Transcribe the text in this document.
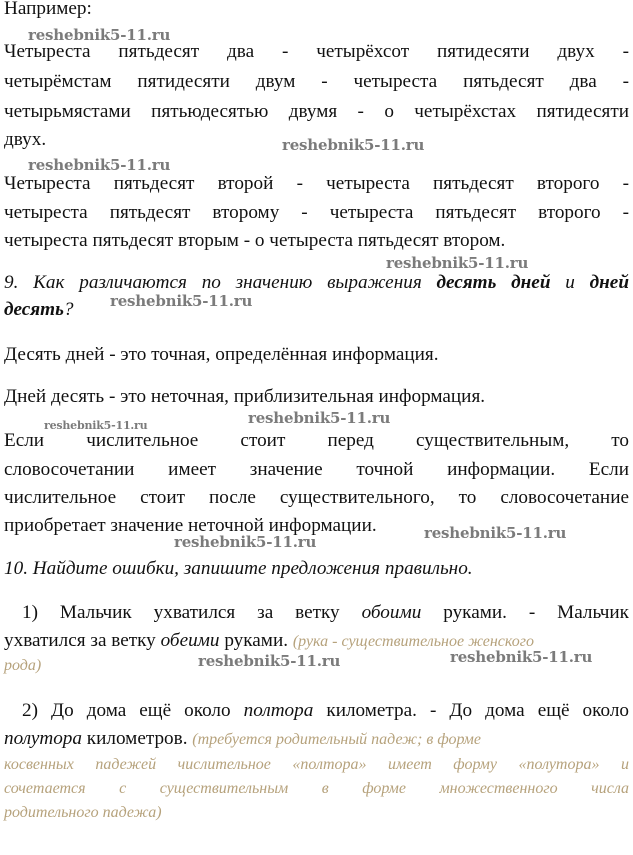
Например:
Четыреста пятьдесят два - четырёхсот пятидесяти двух -
четырёмстам пятидесяти двум - четыреста пятьдесят два -
четырьмястами пятьюдесятью двумя - о четырёхстах пятидесяти
двух.
Четыреста пятьдесят второй - четыреста пятьдесят второго -
четыреста пятьдесят второму - четыреста пятьдесят второго -
четыреста пятьдесят вторым - о четыреста пятьдесят втором.
9. Как различаются по значению выражения десять дней и дней
десять?
Десять дней - это точная, определённая информация.
Дней десять - это неточная, приблизительная информация.
Если числительное стоит перед существительным, то
словосочетании имеет значение точной информации. Если
числительное стоит после существительного, то словосочетание
приобретает значение неточной информации.
10. Найдите ошибки, запишите предложения правильно.
1) Мальчик ухватился за ветку обоими руками. - Мальчик
ухватился за ветку обеими руками. (рука - существительное женского
рода)
2) До дома ещё около полтора километра. - До дома ещё около
полутора километров. (требуется родительный падеж; в форме
косвенных падежей числительное «полтора» имеет форму «полутора» и
сочетается с существительным в форме множественного числа
родительного падежа)
reshebnik5-11.ru
reshebnik5-11.ru
reshebnik5-11.ru
reshebnik5-11.ru
reshebnik5-11.ru
reshebnik5-11.ru	reshebnik5-11.ru
reshebnik5-11.ru
reshebnik5-11.ru
reshebnik5-11.ru	reshebnik5-11.ru
